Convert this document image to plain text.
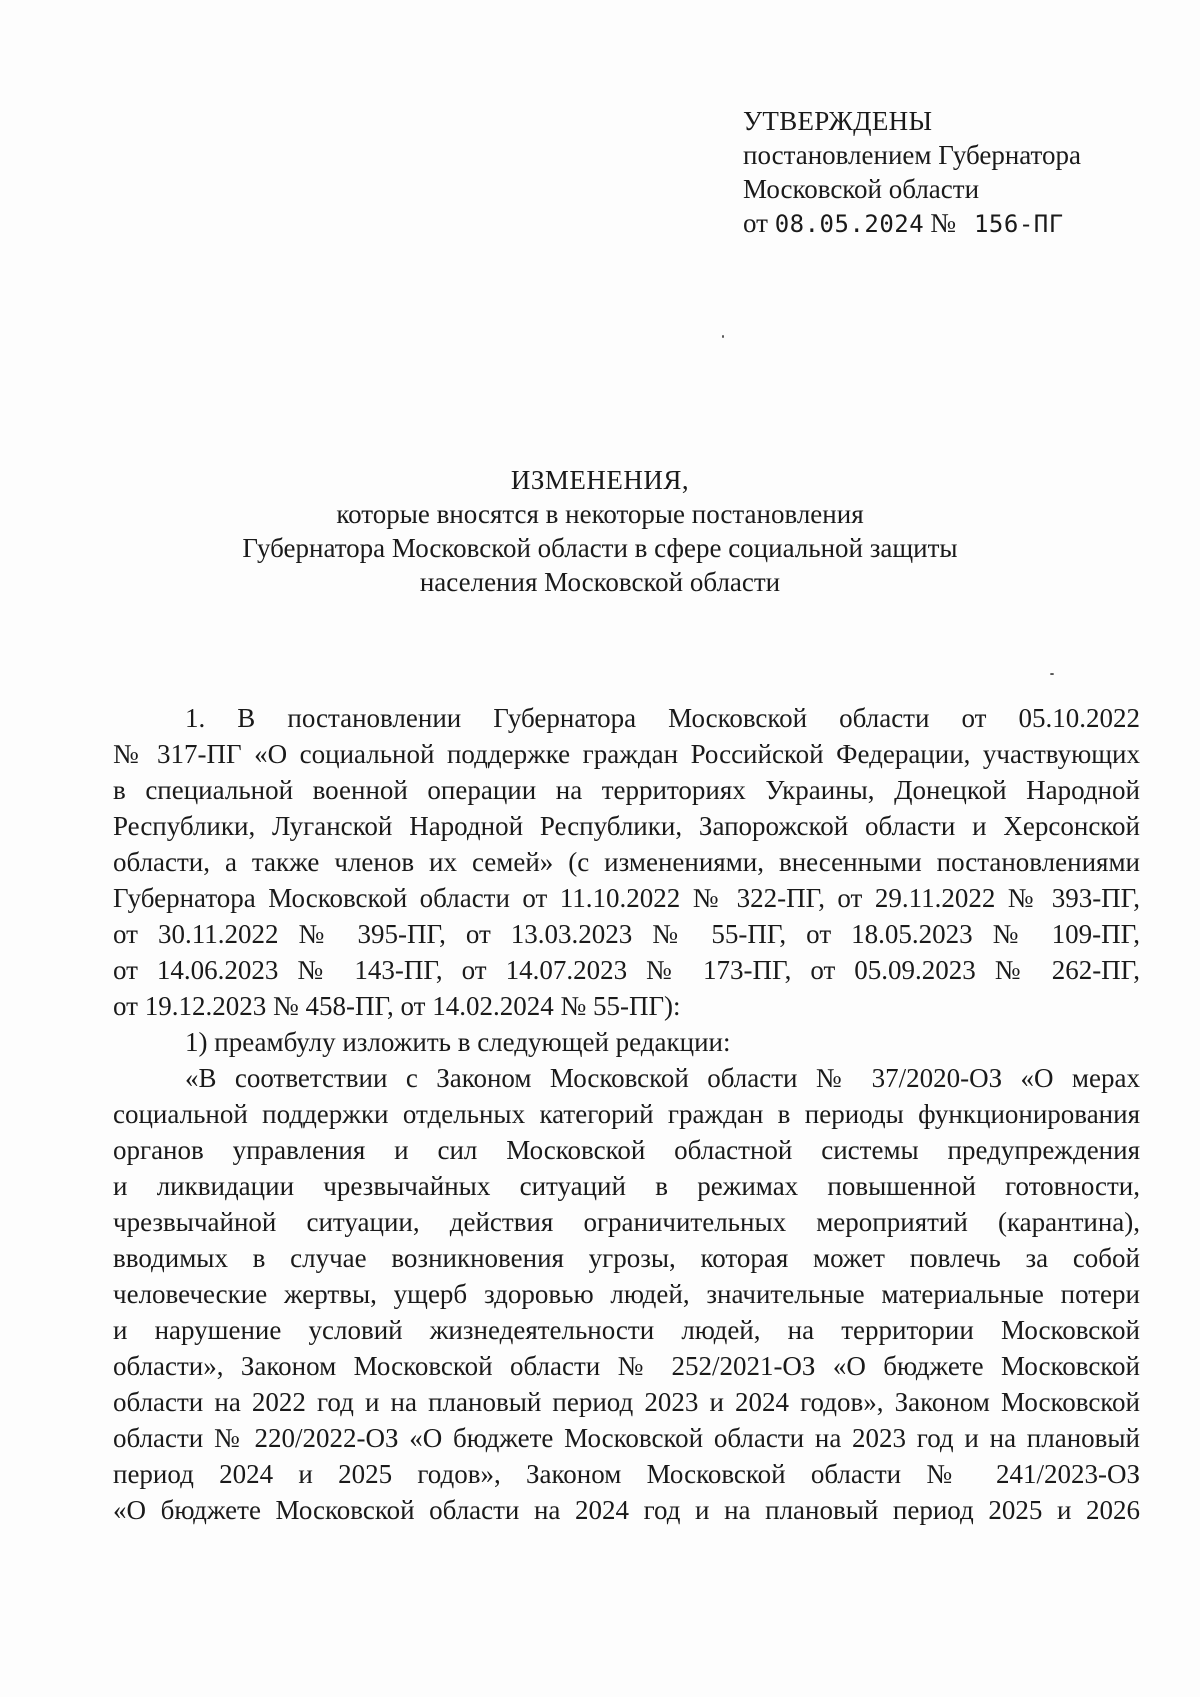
УТВЕРЖДЕНЫ
постановлением Губернатора
Московской области
от 08.05.2024 № 156-ПГ
ИЗМЕНЕНИЯ,
которые вносятся в некоторые постановления
Губернатора Московской области в сфере социальной защиты
населения Московской области
1. В постановлении Губернатора Московской области от 05.10.2022
№ 317-ПГ «О социальной поддержке граждан Российской Федерации, участвующих
в специальной военной операции на территориях Украины, Донецкой Народной
Республики, Луганской Народной Республики, Запорожской области и Херсонской
области, а также членов их семей» (с изменениями, внесенными постановлениями
Губернатора Московской области от 11.10.2022 № 322-ПГ, от 29.11.2022 № 393-ПГ,
от 30.11.2022 № 395-ПГ, от 13.03.2023 № 55-ПГ, от 18.05.2023 № 109-ПГ,
от 14.06.2023 № 143-ПГ, от 14.07.2023 № 173-ПГ, от 05.09.2023 № 262-ПГ,
от 19.12.2023 № 458-ПГ, от 14.02.2024 № 55-ПГ):
1) преамбулу изложить в следующей редакции:
«В соответствии с Законом Московской области № 37/2020-ОЗ «О мерах
социальной поддержки отдельных категорий граждан в периоды функционирования
органов управления и сил Московской областной системы предупреждения
и ликвидации чрезвычайных ситуаций в режимах повышенной готовности,
чрезвычайной ситуации, действия ограничительных мероприятий (карантина),
вводимых в случае возникновения угрозы, которая может повлечь за собой
человеческие жертвы, ущерб здоровью людей, значительные материальные потери
и нарушение условий жизнедеятельности людей, на территории Московской
области», Законом Московской области № 252/2021-ОЗ «О бюджете Московской
области на 2022 год и на плановый период 2023 и 2024 годов», Законом Московской
области № 220/2022-ОЗ «О бюджете Московской области на 2023 год и на плановый
период 2024 и 2025 годов», Законом Московской области № 241/2023-ОЗ
«О бюджете Московской области на 2024 год и на плановый период 2025 и 2026
